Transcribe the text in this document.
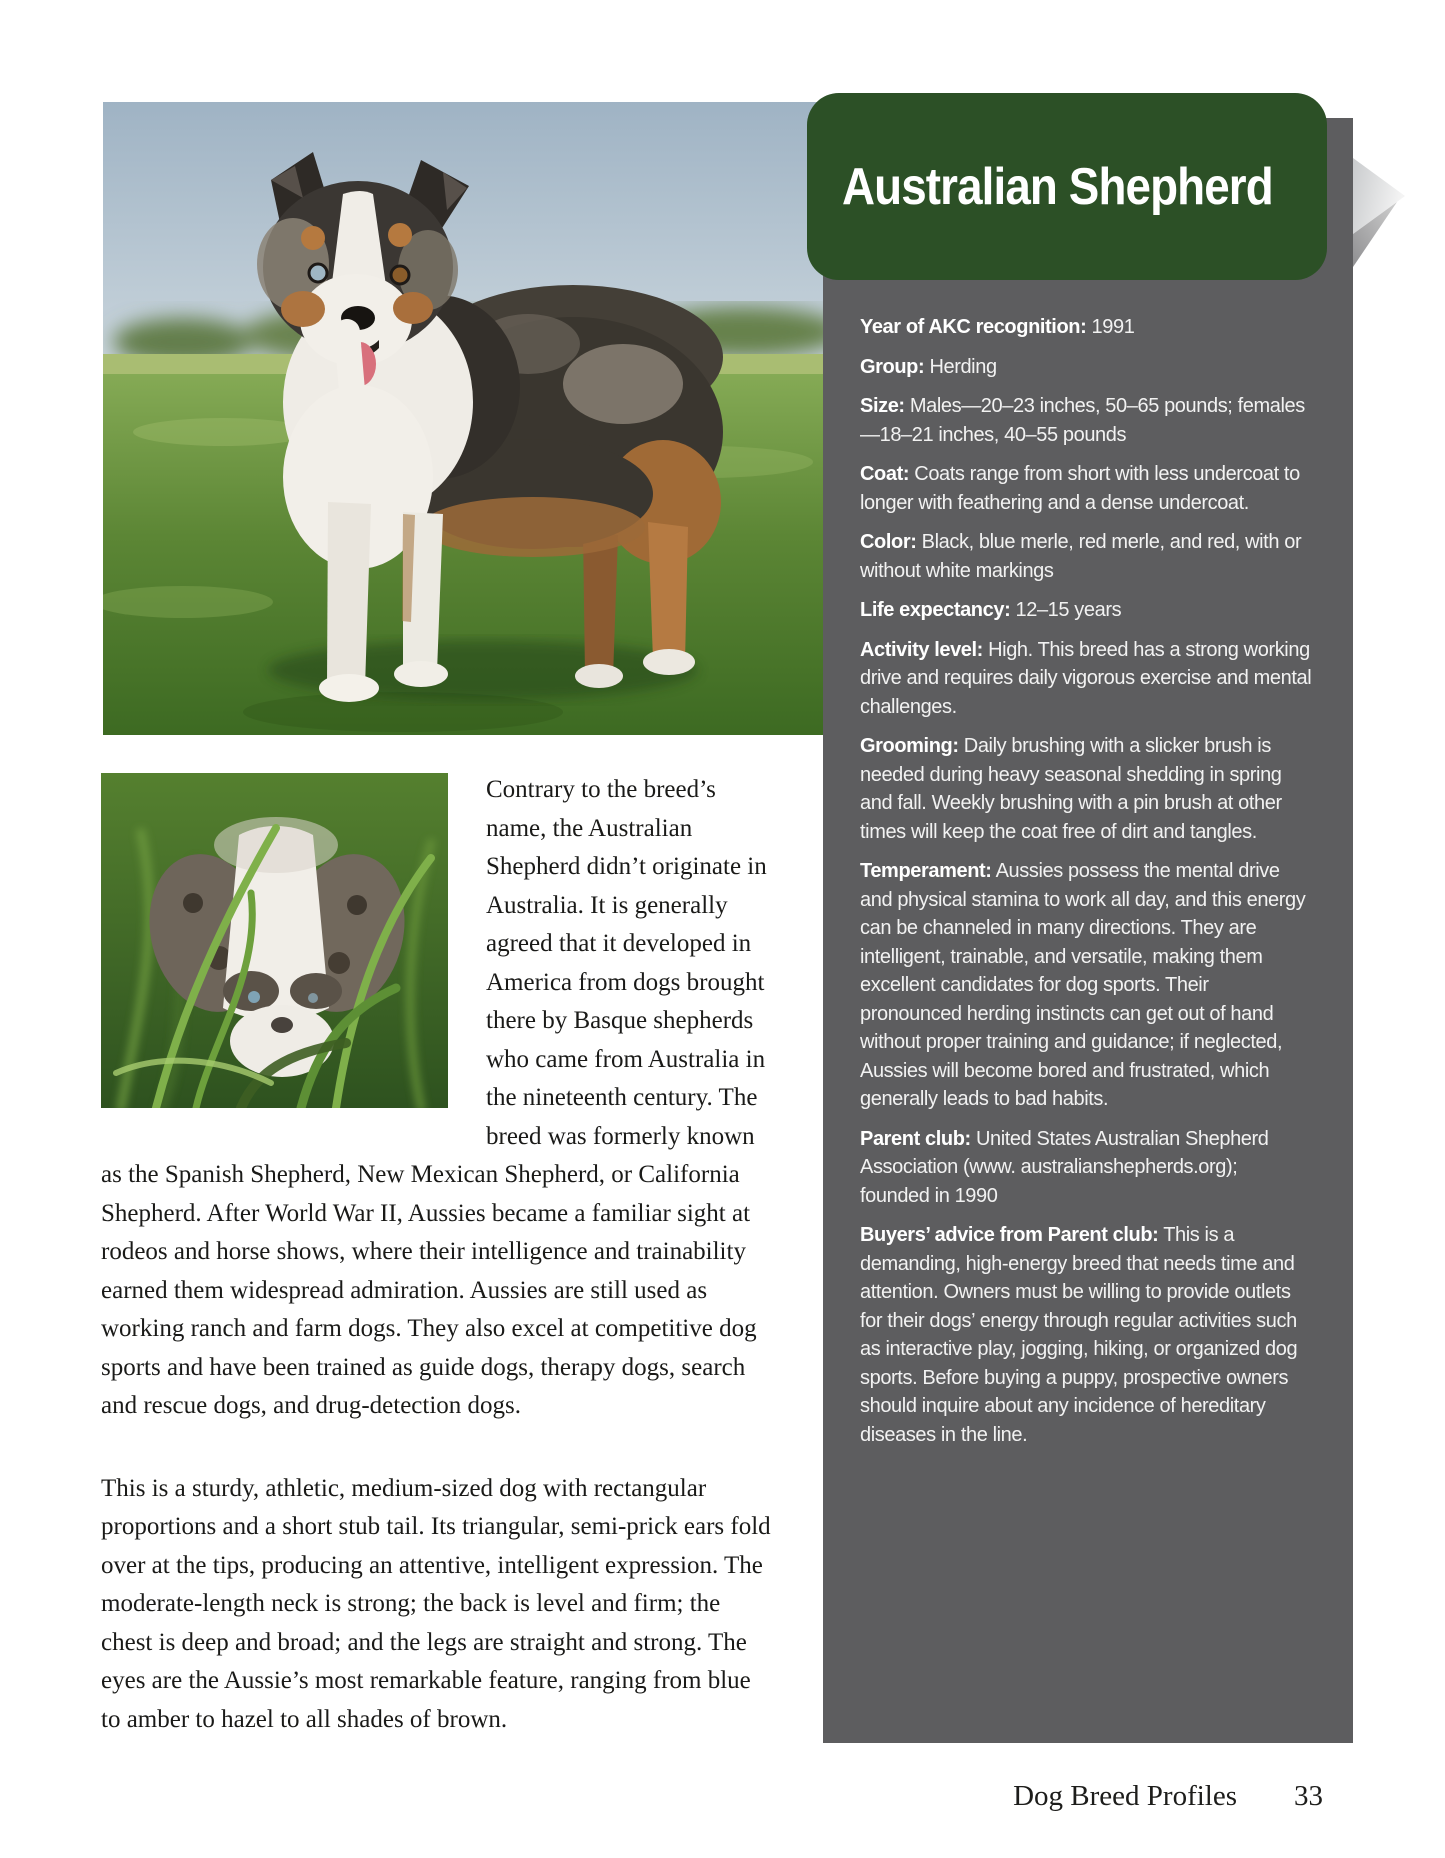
Year of AKC recognition: 1991

Group: Herding

Size: Males—20–23 inches, 50–65 pounds; females—18–21 inches, 40–55 pounds

Coat: Coats range from short with less undercoat to longer with feathering and a dense undercoat.

Color: Black, blue merle, red merle, and red, with or without white markings

Life expectancy: 12–15 years

Activity level: High. This breed has a strong working drive and requires daily vigorous exercise and mental challenges.

Grooming: Daily brushing with a slicker brush is needed during heavy seasonal shedding in spring and fall. Weekly brushing with a pin brush at other times will keep the coat free of dirt and tangles.

Temperament: Aussies possess the mental drive and physical stamina to work all day, and this energy can be channeled in many directions. They are intelligent, trainable, and versatile, making them excellent candidates for dog sports. Their pronounced herding instincts can get out of hand without proper training and guidance; if neglected, Aussies will become bored and frustrated, which generally leads to bad habits.

Parent club: United States Australian Shepherd Association (www. australianshepherds.org); founded in 1990

Buyers’ advice from Parent club: This is a demanding, high-energy breed that needs time and attention. Owners must be willing to provide outlets for their dogs’ energy through regular activities such as interactive play, jogging, hiking, or organized dog sports. Before buying a puppy, prospective owners should inquire about any incidence of hereditary diseases in the line.

Australian Shepherd

Contrary to the breed’s name, the Australian Shepherd didn’t originate in Australia. It is generally agreed that it developed in America from dogs brought there by Basque shepherds who came from Australia in the nineteenth century. The breed was formerly known as the Spanish Shepherd, New Mexican Shepherd, or California Shepherd. After World War II, Aussies became a familiar sight at rodeos and horse shows, where their intelligence and trainability earned them widespread admiration. Aussies are still used as working ranch and farm dogs. They also excel at competitive dog sports and have been trained as guide dogs, therapy dogs, search and rescue dogs, and drug-detection dogs.

This is a sturdy, athletic, medium-sized dog with rectangular proportions and a short stub tail. Its triangular, semi-prick ears fold over at the tips, producing an attentive, intelligent expression. The moderate-length neck is strong; the back is level and firm; the chest is deep and broad; and the legs are straight and strong. The eyes are the Aussie’s most remarkable feature, ranging from blue to amber to hazel to all shades of brown.

Dog Breed Profiles 33
